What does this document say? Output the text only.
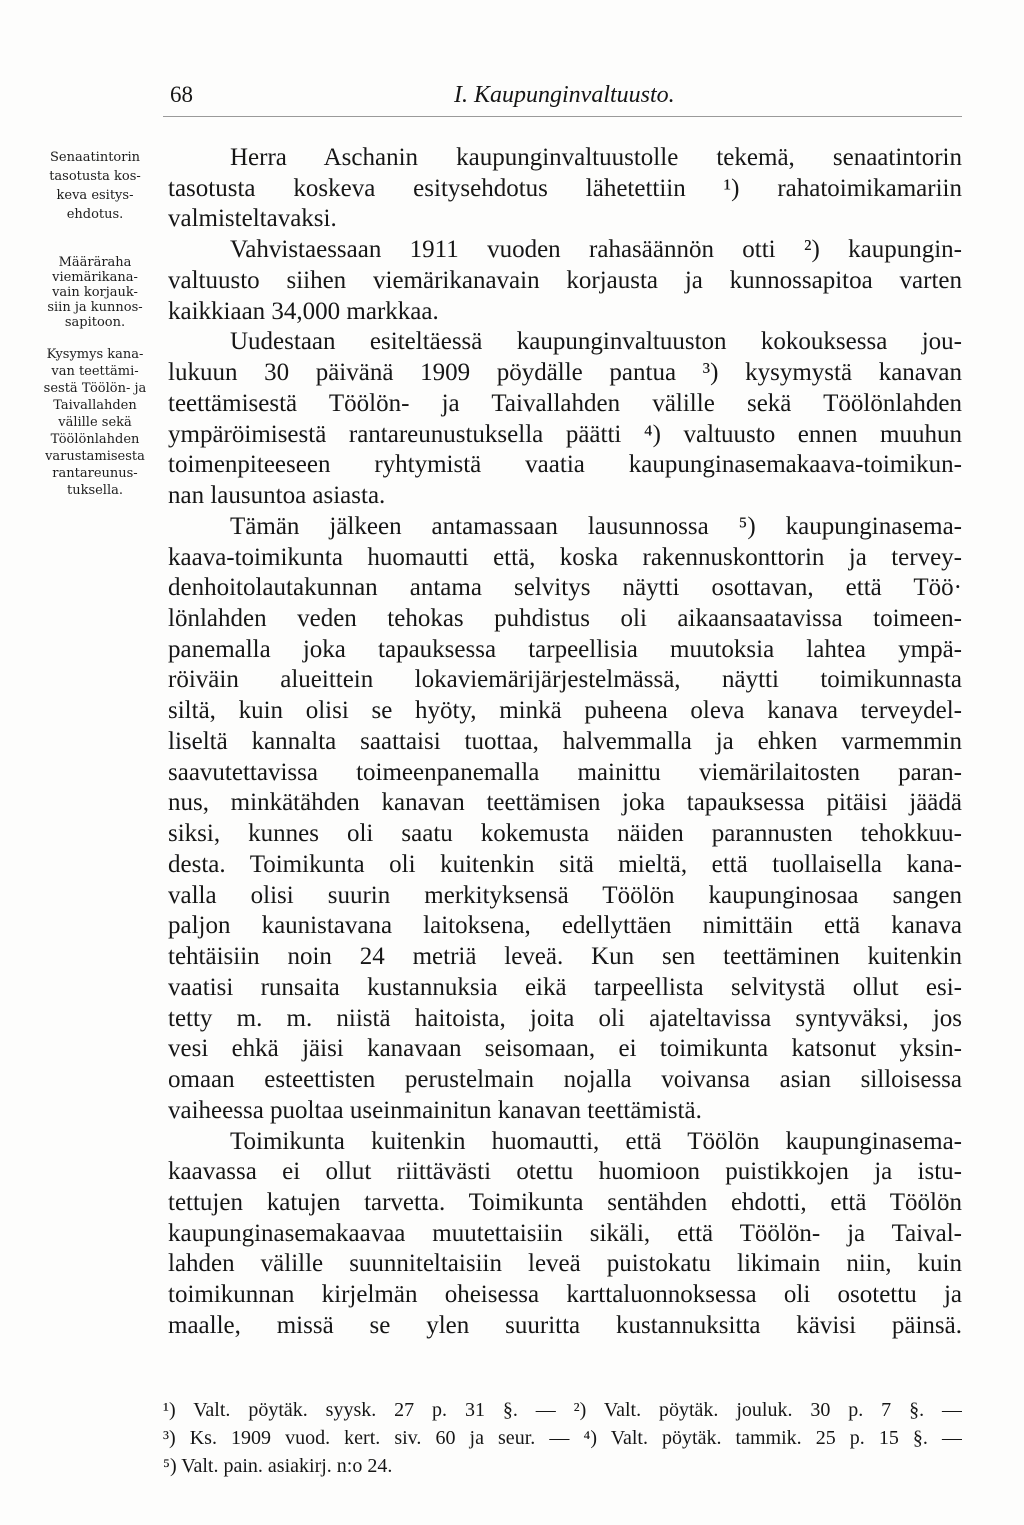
68	I. Kaupunginvaltuusto.
Senaatintorin
tasotusta kos-
keva esitys-
ehdotus.
Määräraha
viemärikana-
vain korjauk-
siin ja kunnos-
sapitoon.
Kysymys kana-
van teettämi-
sestä Töölön- ja
Taivallahden
välille sekä
Töölönlahden
varustamisesta
rantareunus-
tuksella.
Herra Aschanin kaupunginvaltuustolle tekemä, senaatintorin
tasotusta koskeva esitysehdotus lähetettiin ¹) rahatoimikamariin
valmisteltavaksi.
Vahvistaessaan 1911 vuoden rahasäännön otti ²) kaupungin-
valtuusto siihen viemärikanavain korjausta ja kunnossapitoa varten
kaikkiaan 34,000 markkaa.
Uudestaan esiteltäessä kaupunginvaltuuston kokouksessa jou-
lukuun 30 päivänä 1909 pöydälle pantua ³) kysymystä kanavan
teettämisestä Töölön- ja Taivallahden välille sekä Töölönlahden
ympäröimisestä rantareunustuksella päätti ⁴) valtuusto ennen muuhun
toimenpiteeseen ryhtymistä vaatia kaupunginasemakaava-toimikun-
nan lausuntoa asiasta.
Tämän jälkeen antamassaan lausunnossa ⁵) kaupunginasema-
kaava-toimikunta huomautti että, koska rakennuskonttorin ja tervey-
denhoitolautakunnan antama selvitys näytti osottavan, että Töö·
lönlahden veden tehokas puhdistus oli aikaansaatavissa toimeen-
panemalla joka tapauksessa tarpeellisia muutoksia lahtea ympä-
röiväin alueittein lokaviemärijärjestelmässä, näytti toimikunnasta
siltä, kuin olisi se hyöty, minkä puheena oleva kanava terveydel-
liseltä kannalta saattaisi tuottaa, halvemmalla ja ehken varmemmin
saavutettavissa toimeenpanemalla mainittu viemärilaitosten paran-
nus, minkätähden kanavan teettämisen joka tapauksessa pitäisi jäädä
siksi, kunnes oli saatu kokemusta näiden parannusten tehokkuu-
desta. Toimikunta oli kuitenkin sitä mieltä, että tuollaisella kana-
valla olisi suurin merkityksensä Töölön kaupunginosaa sangen
paljon kaunistavana laitoksena, edellyttäen nimittäin että kanava
tehtäisiin noin 24 metriä leveä. Kun sen teettäminen kuitenkin
vaatisi runsaita kustannuksia eikä tarpeellista selvitystä ollut esi-
tetty m. m. niistä haitoista, joita oli ajateltavissa syntyväksi, jos
vesi ehkä jäisi kanavaan seisomaan, ei toimikunta katsonut yksin-
omaan esteettisten perustelmain nojalla voivansa asian silloisessa
vaiheessa puoltaa useinmainitun kanavan teettämistä.
Toimikunta kuitenkin huomautti, että Töölön kaupunginasema-
kaavassa ei ollut riittävästi otettu huomioon puistikkojen ja istu-
tettujen katujen tarvetta. Toimikunta sentähden ehdotti, että Töölön
kaupunginasemakaavaa muutettaisiin sikäli, että Töölön- ja Taival-
lahden välille suunniteltaisiin leveä puistokatu likimain niin, kuin
toimikunnan kirjelmän oheisessa karttaluonnoksessa oli osotettu ja
maalle, missä se ylen suuritta kustannuksitta kävisi päinsä.
¹) Valt. pöytäk. syysk. 27 p. 31 §. — ²) Valt. pöytäk. jouluk. 30 p. 7 §. —
³) Ks. 1909 vuod. kert. siv. 60 ja seur. — ⁴) Valt. pöytäk. tammik. 25 p. 15 §. —
⁵) Valt. pain. asiakirj. n:o 24.
